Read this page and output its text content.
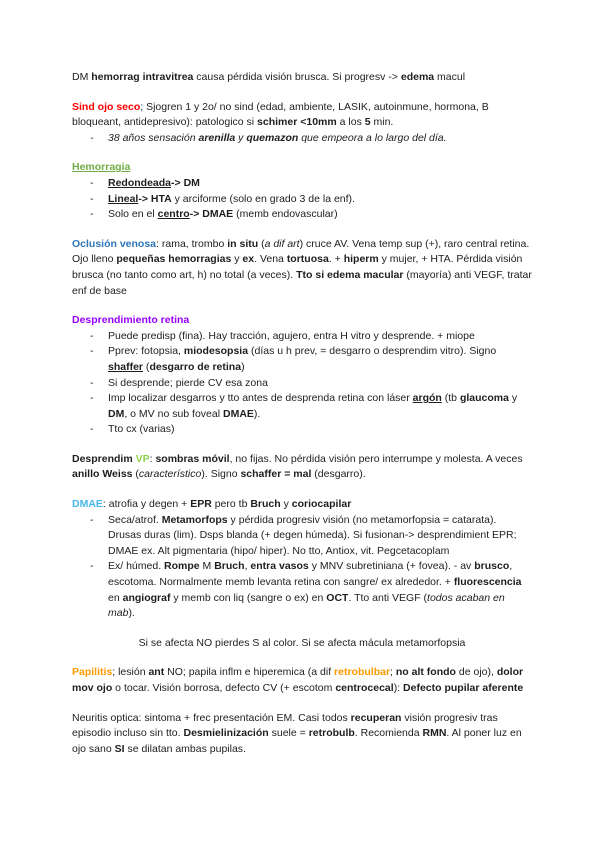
DM hemorrag intravitrea causa pérdida visión brusca. Si progresv -> edema macul

Sind ojo seco; Sjogren 1 y 2o/ no sind (edad, ambiente, LASIK, autoinmune, hormona, B bloqueant, antidepresivo): patologico si schimer <10mm a los 5 min.

- 38 años sensación arenilla y quemazon que empeora a lo largo del día.

Hemorragia

- Redondeada-> DM
- Lineal-> HTA y arciforme (solo en grado 3 de la enf).
- Solo en el centro-> DMAE (memb endovascular)

Oclusión venosa: rama, trombo in situ (a dif art) cruce AV. Vena temp sup (+), raro central retina. Ojo lleno pequeñas hemorragias y ex. Vena tortuosa. + hiperm y mujer, + HTA. Pérdida visión brusca (no tanto como art, h) no total (a veces). Tto si edema macular (mayoría) anti VEGF, tratar enf de base

Desprendimiento retina

- Puede predisp (fina). Hay tracción, agujero, entra H vitro y desprende. + miope
- Pprev: fotopsia, miodesopsia (días u h prev, = desgarro o desprendim vitro). Signo shaffer (desgarro de retina)
- Si desprende; pierde CV esa zona
- Imp localizar desgarros y tto antes de desprenda retina con láser argón (tb glaucoma y DM, o MV no sub foveal DMAE).
- Tto cx (varias)

Desprendim VP: sombras móvil, no fijas. No pérdida visión pero interrumpe y molesta. A veces anillo Weiss (característico). Signo schaffer = mal (desgarro).

DMAE: atrofia y degen + EPR pero tb Bruch y coriocapilar

- Seca/atrof. Metamorfops y pérdida progresiv visión (no metamorfopsia = catarata). Drusas duras (lim). Dsps blanda (+ degen húmeda). Si fusionan-> desprendimient EPR; DMAE ex. Alt pigmentaria (hipo/ hiper). No tto, Antiox, vit. Pegcetacoplam
- Ex/ húmed. Rompe M Bruch, entra vasos y MNV subretiniana (+ fovea). - av brusco, escotoma. Normalmente memb levanta retina con sangre/ ex alrededor. + fluorescencia en angiograf y memb con liq (sangre o ex) en OCT. Tto anti VEGF (todos acaban en mab).

Si se afecta NO pierdes S al color. Si se afecta mácula metamorfopsia

Papilitis; lesión ant NO; papila inflm e hiperemica (a dif retrobulbar; no alt fondo de ojo), dolor mov ojo o tocar. Visión borrosa, defecto CV (+ escotom centrocecal): Defecto pupilar aferente

Neuritis optica: sintoma + frec presentación EM. Casi todos recuperan visión progresiv tras episodio incluso sin tto. Desmielinización suele = retrobulb. Recomienda RMN. Al poner luz en ojo sano SI se dilatan ambas pupilas.
